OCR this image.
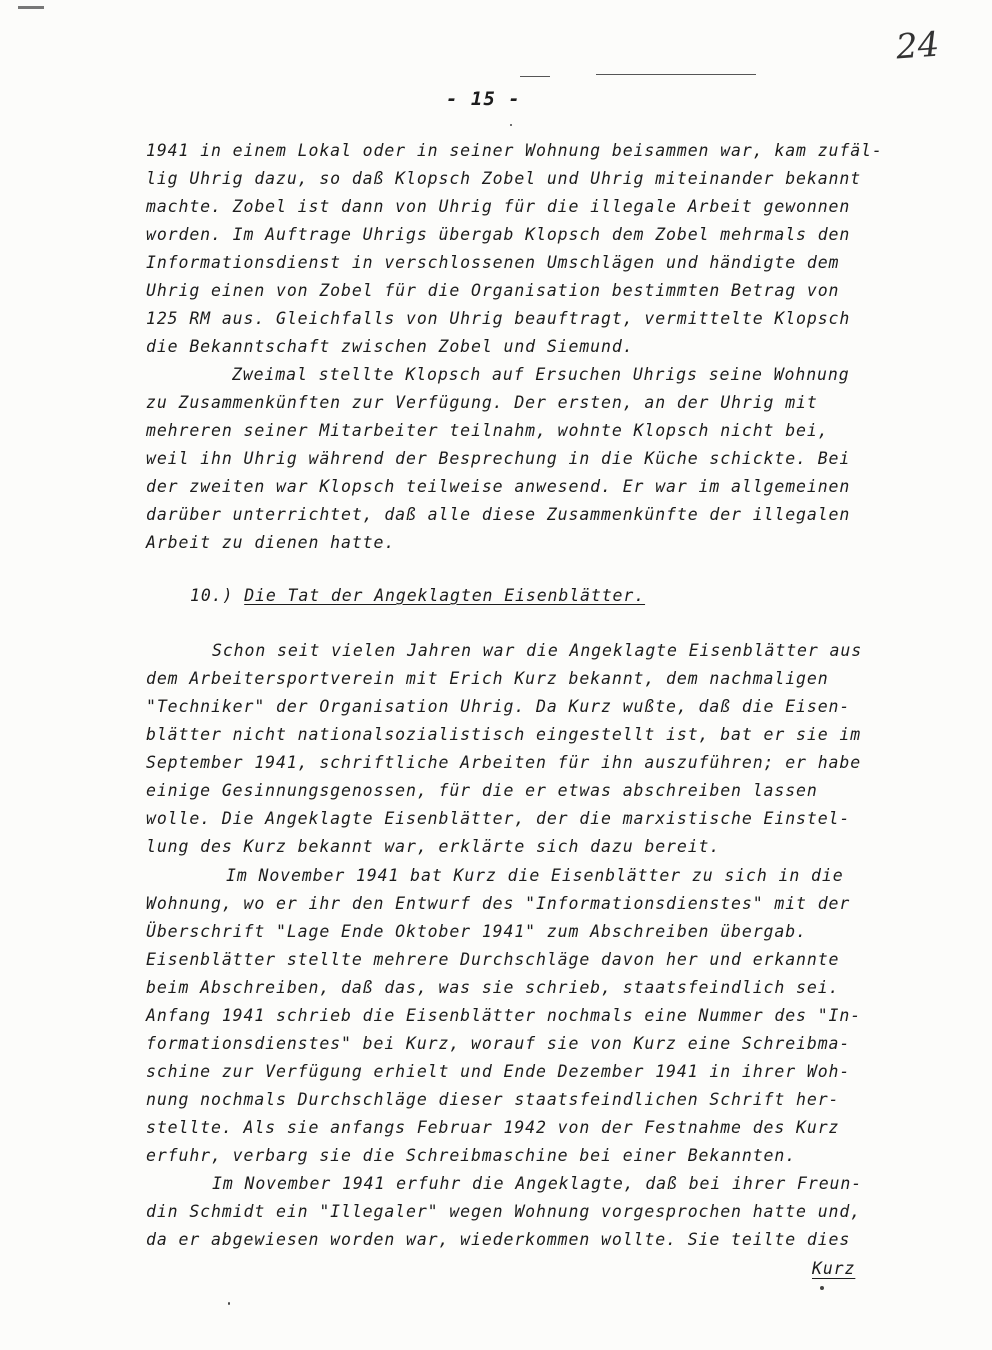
24
- 15 -
1941 in einem Lokal oder in seiner Wohnung beisammen war, kam zufäl-
lig Uhrig dazu, so daß Klopsch Zobel und Uhrig miteinander bekannt
machte. Zobel ist dann von Uhrig für die illegale Arbeit gewonnen
worden. Im Auftrage Uhrigs übergab Klopsch dem Zobel mehrmals den
Informationsdienst in verschlossenen Umschlägen und händigte dem
Uhrig einen von Zobel für die Organisation bestimmten Betrag von
125 RM aus. Gleichfalls von Uhrig beauftragt, vermittelte Klopsch
die Bekanntschaft zwischen Zobel und Siemund.
Zweimal stellte Klopsch auf Ersuchen Uhrigs seine Wohnung
zu Zusammenkünften zur Verfügung. Der ersten, an der Uhrig mit
mehreren seiner Mitarbeiter teilnahm, wohnte Klopsch nicht bei,
weil ihn Uhrig während der Besprechung in die Küche schickte. Bei
der zweiten war Klopsch teilweise anwesend. Er war im allgemeinen
darüber unterrichtet, daß alle diese Zusammenkünfte der illegalen
Arbeit zu dienen hatte.
10.) Die Tat der Angeklagten Eisenblätter.
Schon seit vielen Jahren war die Angeklagte Eisenblätter aus
dem Arbeitersportverein mit Erich Kurz bekannt, dem nachmaligen
"Techniker" der Organisation Uhrig. Da Kurz wußte, daß die Eisen-
blätter nicht nationalsozialistisch eingestellt ist, bat er sie im
September 1941, schriftliche Arbeiten für ihn auszuführen; er habe
einige Gesinnungsgenossen, für die er etwas abschreiben lassen
wolle. Die Angeklagte Eisenblätter, der die marxistische Einstel-
lung des Kurz bekannt war, erklärte sich dazu bereit.
Im November 1941 bat Kurz die Eisenblätter zu sich in die
Wohnung, wo er ihr den Entwurf des "Informationsdienstes" mit der
Überschrift "Lage Ende Oktober 1941" zum Abschreiben übergab.
Eisenblätter stellte mehrere Durchschläge davon her und erkannte
beim Abschreiben, daß das, was sie schrieb, staatsfeindlich sei.
Anfang 1941 schrieb die Eisenblätter nochmals eine Nummer des "In-
formationsdienstes" bei Kurz, worauf sie von Kurz eine Schreibma-
schine zur Verfügung erhielt und Ende Dezember 1941 in ihrer Woh-
nung nochmals Durchschläge dieser staatsfeindlichen Schrift her-
stellte. Als sie anfangs Februar 1942 von der Festnahme des Kurz
erfuhr, verbarg sie die Schreibmaschine bei einer Bekannten.
Im November 1941 erfuhr die Angeklagte, daß bei ihrer Freun-
din Schmidt ein "Illegaler" wegen Wohnung vorgesprochen hatte und,
da er abgewiesen worden war, wiederkommen wollte. Sie teilte dies
Kurz
